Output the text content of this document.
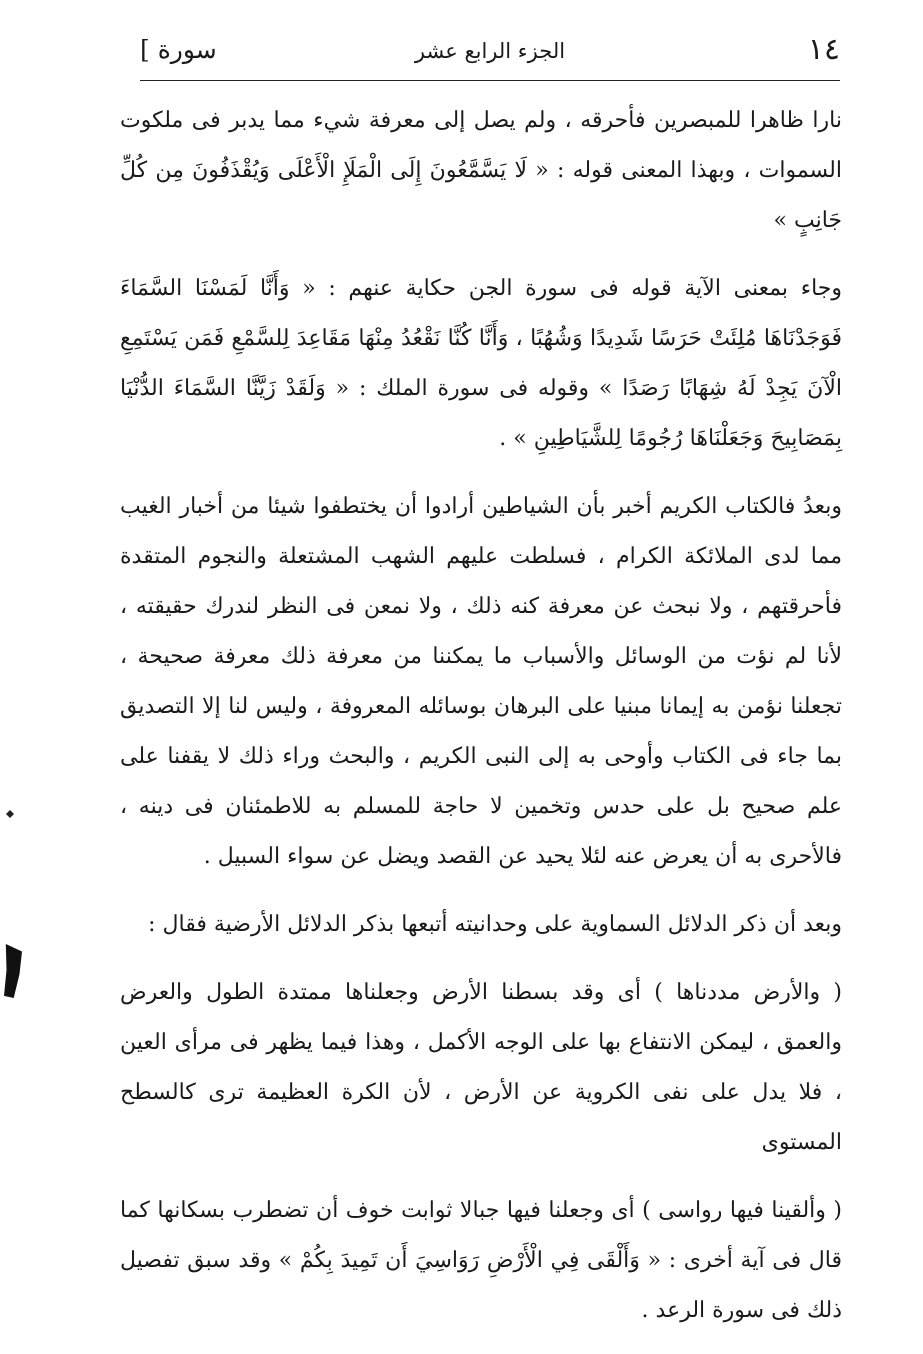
١٤
الجزء الرابع عشر
سورة ]

نارا ظاهرا للمبصرين فأحرقه ، ولم يصل إلى معرفة شيء مما يدبر فى ملكوت السموات ، وبهذا المعنى قوله : « لَا يَسَّمَّعُونَ إِلَى الْمَلَإِ الْأَعْلَى وَيُقْذَفُونَ مِن كُلِّ جَانِبٍ »

وجاء بمعنى الآية قوله فى سورة الجن حكاية عنهم : « وَأَنَّا لَمَسْنَا السَّمَاءَ فَوَجَدْنَاهَا مُلِئَتْ حَرَسًا شَدِيدًا وَشُهُبًا ، وَأَنَّا كُنَّا نَقْعُدُ مِنْهَا مَقَاعِدَ لِلسَّمْعِ فَمَن يَسْتَمِعِ الْآنَ يَجِدْ لَهُ شِهَابًا رَصَدًا » وقوله فى سورة الملك : « وَلَقَدْ زَيَّنَّا السَّمَاءَ الدُّنْيَا بِمَصَابِيحَ وَجَعَلْنَاهَا رُجُومًا لِلشَّيَاطِينِ » .

وبعدُ فالكتاب الكريم أخبر بأن الشياطين أرادوا أن يختطفوا شيئا من أخبار الغيب مما لدى الملائكة الكرام ، فسلطت عليهم الشهب المشتعلة والنجوم المتقدة فأحرقتهم ، ولا نبحث عن معرفة كنه ذلك ، ولا نمعن فى النظر لندرك حقيقته ، لأنا لم نؤت من الوسائل والأسباب ما يمكننا من معرفة ذلك معرفة صحيحة ، تجعلنا نؤمن به إيمانا مبنيا على البرهان بوسائله المعروفة ، وليس لنا إلا التصديق بما جاء فى الكتاب وأوحى به إلى النبى الكريم ، والبحث وراء ذلك لا يقفنا على علم صحيح بل على حدس وتخمين لا حاجة للمسلم به للاطمئنان فى دينه ، فالأحرى به أن يعرض عنه لئلا يحيد عن القصد ويضل عن سواء السبيل .

وبعد أن ذكر الدلائل السماوية على وحدانيته أتبعها بذكر الدلائل الأرضية فقال :

( والأرض مددناها ) أى وقد بسطنا الأرض وجعلناها ممتدة الطول والعرض والعمق ، ليمكن الانتفاع بها على الوجه الأكمل ، وهذا فيما يظهر فى مرأى العين ، فلا يدل على نفى الكروية عن الأرض ، لأن الكرة العظيمة ترى كالسطح المستوى

( وألقينا فيها رواسى ) أى وجعلنا فيها جبالا ثوابت خوف أن تضطرب بسكانها كما قال فى آية أخرى : « وَأَلْقَى فِي الْأَرْضِ رَوَاسِيَ أَن تَمِيدَ بِكُمْ » وقد سبق تفصيل ذلك فى سورة الرعد .
